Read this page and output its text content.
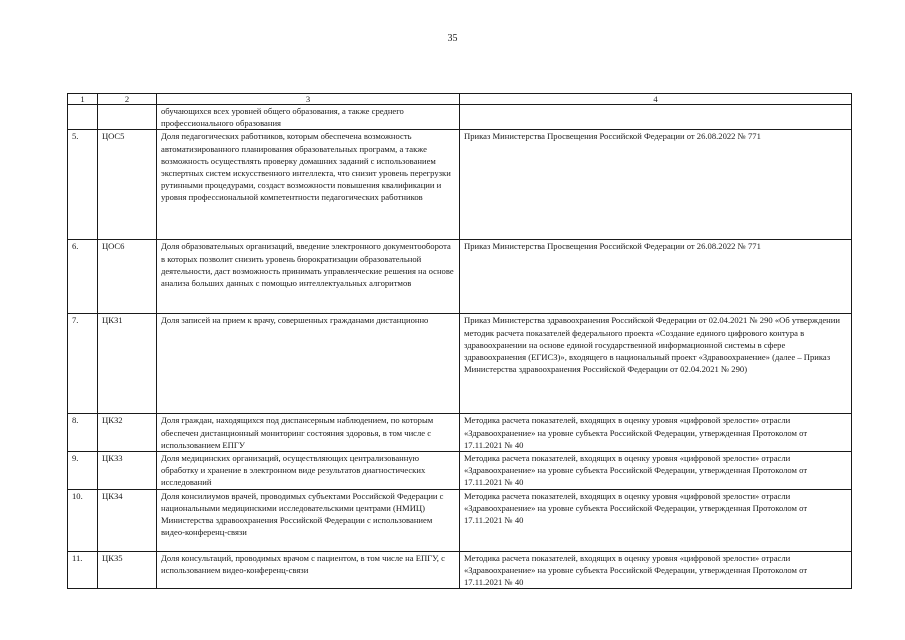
35
1	2	3	4
		обучающихся всех уровней общего образования, а также среднего профессионального образования	
5.	ЦОС5	Доля педагогических работников, которым обеспечена возможность автоматизированного планирования образовательных программ, а также возможность осуществлять проверку домашних заданий с использованием экспертных систем искусственного интеллекта, что снизит уровень перегрузки рутинными процедурами, создаст возможности повышения квалификации и уровня профессиональной компетентности педагогических работников	Приказ Министерства Просвещения Российской Федерации от 26.08.2022 № 771
6.	ЦОС6	Доля образовательных организаций, введение электронного документооборота в которых позволит снизить уровень бюрократизации образовательной деятельности, даст возможность принимать управленческие решения на основе анализа больших данных с помощью интеллектуальных алгоритмов	Приказ Министерства Просвещения Российской Федерации от 26.08.2022 № 771
7.	ЦКЗ1	Доля записей на прием к врачу, совершенных гражданами дистанционно	Приказ Министерства здравоохранения Российской Федерации от 02.04.2021 № 290 «Об утверждении методик расчета показателей федерального проекта «Создание единого цифрового контура в здравоохранении на основе единой государственной информационной системы в сфере здравоохранения (ЕГИСЗ)», входящего в национальный проект «Здравоохранение» (далее – Приказ Министерства здравоохранения Российской Федерации от 02.04.2021 № 290)
8.	ЦКЗ2	Доля граждан, находящихся под диспансерным наблюдением, по которым обеспечен дистанционный мониторинг состояния здоровья, в том числе с использованием ЕПГУ	Методика расчета показателей, входящих в оценку уровня «цифровой зрелости» отрасли «Здравоохранение» на уровне субъекта Российской Федерации, утвержденная Протоколом от 17.11.2021 № 40
9.	ЦКЗ3	Доля медицинских организаций, осуществляющих централизованную обработку и хранение в электронном виде результатов диагностических исследований	Методика расчета показателей, входящих в оценку уровня «цифровой зрелости» отрасли «Здравоохранение» на уровне субъекта Российской Федерации, утвержденная Протоколом от 17.11.2021 № 40
10.	ЦКЗ4	Доля консилиумов врачей, проводимых субъектами Российской Федерации с национальными медицинскими исследовательскими центрами (НМИЦ) Министерства здравоохранения Российской Федерации с использованием видео-конференц-связи	Методика расчета показателей, входящих в оценку уровня «цифровой зрелости» отрасли «Здравоохранение» на уровне субъекта Российской Федерации, утвержденная Протоколом от 17.11.2021 № 40
11.	ЦКЗ5	Доля консультаций, проводимых врачом с пациентом, в том числе на ЕПГУ, с использованием видео-конференц-связи	Методика расчета показателей, входящих в оценку уровня «цифровой зрелости» отрасли «Здравоохранение» на уровне субъекта Российской Федерации, утвержденная Протоколом от 17.11.2021 № 40
